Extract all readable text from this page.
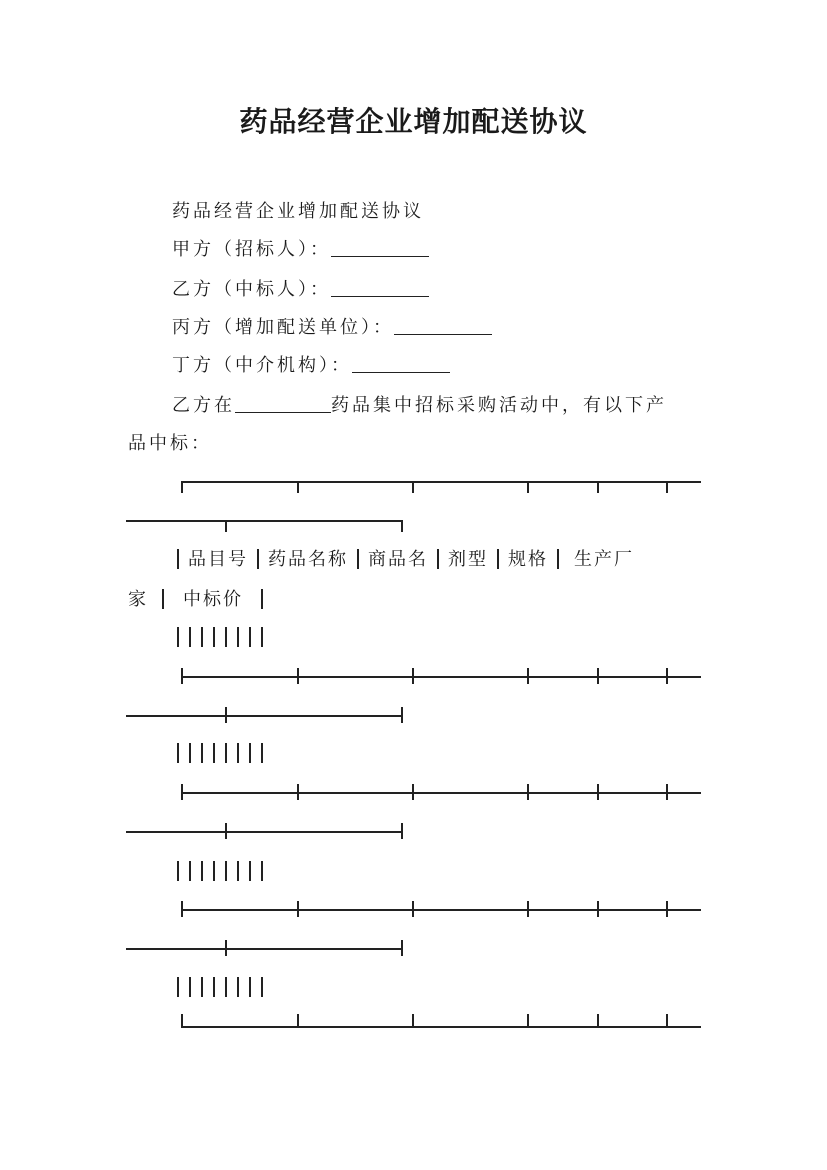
药品经营企业增加配送协议
药品经营企业增加配送协议
甲方（招标人）：
乙方（中标人）：
丙方（增加配送单位）：
丁方（中介机构）：
乙方在	药品集中招标采购活动中，有以下产
品中标：
品目号 药品名称 商品名 剂型 规格 生产厂
家 中标价
